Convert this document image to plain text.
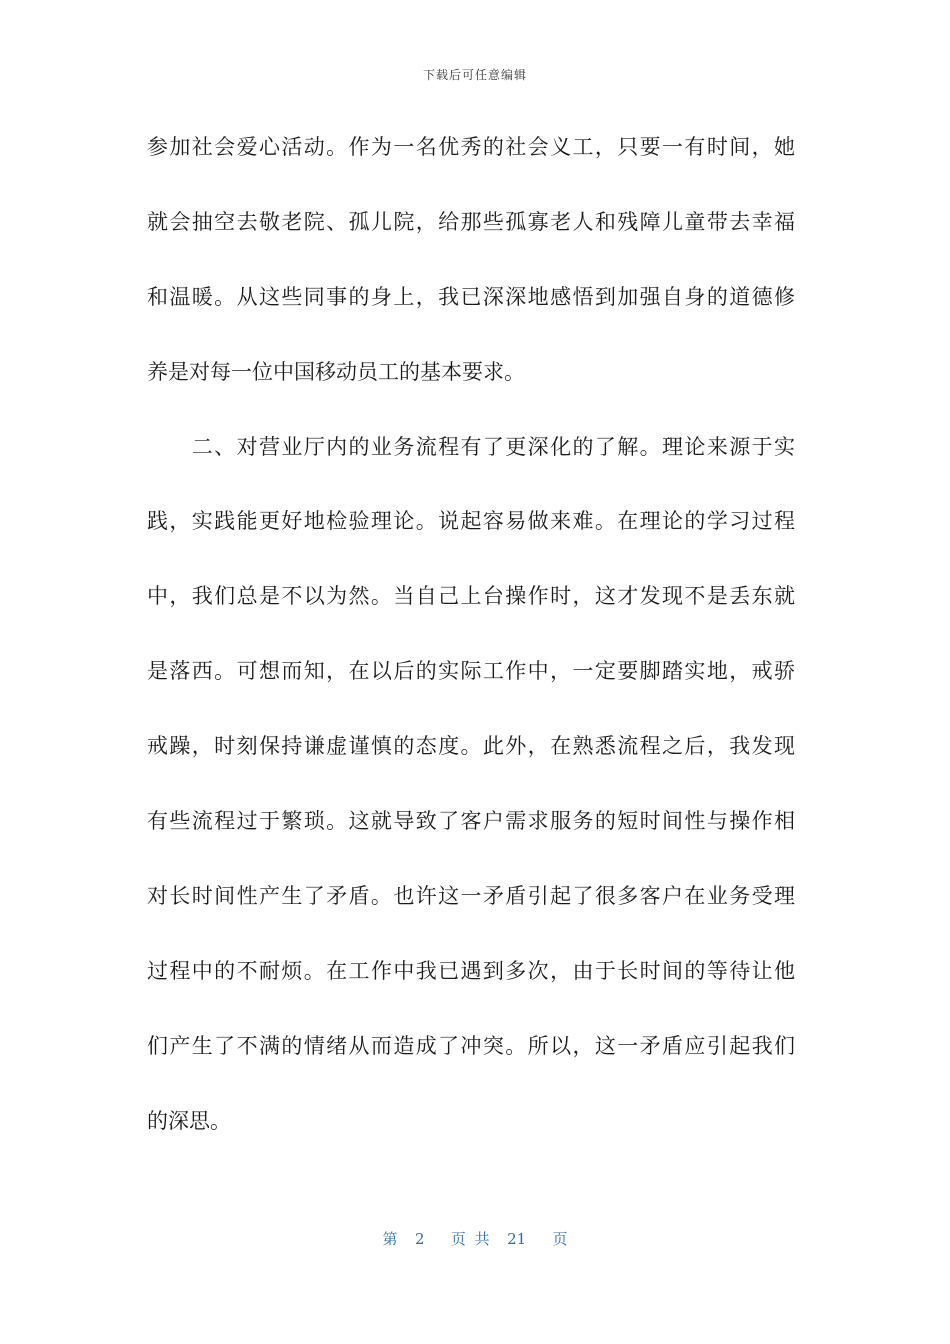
下载后可任意编辑
参加社会爱心活动。作为一名优秀的社会义工，只要一有时间，她
就会抽空去敬老院、孤儿院，给那些孤寡老人和残障儿童带去幸福
和温暖。从这些同事的身上，我已深深地感悟到加强自身的道德修
养是对每一位中国移动员工的基本要求。
　　二、对营业厅内的业务流程有了更深化的了解。理论来源于实
践，实践能更好地检验理论。说起容易做来难。在理论的学习过程
中，我们总是不以为然。当自己上台操作时，这才发现不是丢东就
是落西。可想而知，在以后的实际工作中，一定要脚踏实地，戒骄
戒躁，时刻保持谦虚谨慎的态度。此外，在熟悉流程之后，我发现
有些流程过于繁琐。这就导致了客户需求服务的短时间性与操作相
对长时间性产生了矛盾。也许这一矛盾引起了很多客户在业务受理
过程中的不耐烦。在工作中我已遇到多次，由于长时间的等待让他
们产生了不满的情绪从而造成了冲突。所以，这一矛盾应引起我们
的深思。
第  2   页 共  21   页
